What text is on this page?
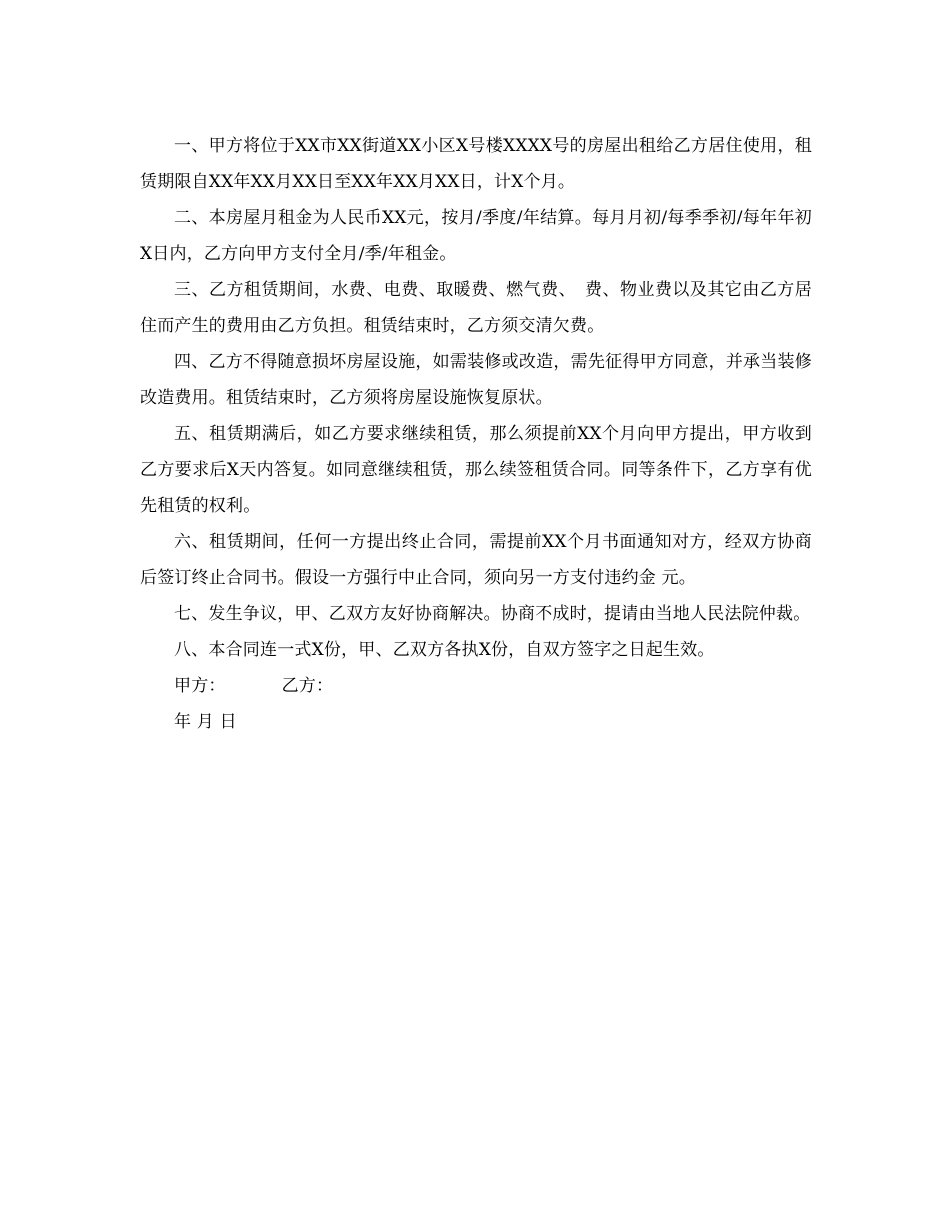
一、甲方将位于XX市XX街道XX小区X号楼XXXX号的房屋出租给乙方居住使用，租赁期限自XX年XX月XX日至XX年XX月XX日，计X个月。

二、本房屋月租金为人民币XX元，按月/季度/年结算。每月月初/每季季初/每年年初X日内，乙方向甲方支付全月/季/年租金。

三、乙方租赁期间，水费、电费、取暖费、燃气费、　费、物业费以及其它由乙方居住而产生的费用由乙方负担。租赁结束时，乙方须交清欠费。

四、乙方不得随意损坏房屋设施，如需装修或改造，需先征得甲方同意，并承当装修改造费用。租赁结束时，乙方须将房屋设施恢复原状。

五、租赁期满后，如乙方要求继续租赁，那么须提前XX个月向甲方提出，甲方收到乙方要求后X天内答复。如同意继续租赁，那么续签租赁合同。同等条件下，乙方享有优先租赁的权利。

六、租赁期间，任何一方提出终止合同，需提前XX个月书面通知对方，经双方协商后签订终止合同书。假设一方强行中止合同，须向另一方支付违约金 元。

七、发生争议，甲、乙双方友好协商解决。协商不成时，提请由当地人民法院仲裁。

八、本合同连一式X份，甲、乙双方各执X份，自双方签字之日起生效。

甲方：	乙方：

年 月 日
